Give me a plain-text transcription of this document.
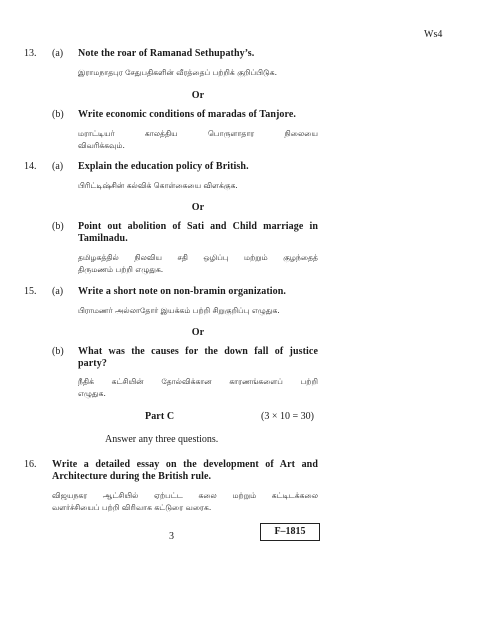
Ws4
13. (a) Note the roar of Ramanad Sethupathy’s.
இராமநாதபுர சேதுபதிகளின் வீரத்தைப் பற்றிக் குறிப்பிடுக.
Or
(b) Write economic conditions of maradas of Tanjore.
மராட்டியர்	காலத்திய	பொருளாதார	நிலையை
விவரிக்கவும்.
14. (a) Explain the education policy of British.
பிரிட்டிஷ்சின் கல்விக் கொள்கையை விளக்குக.
Or
(b) Point out abolition of Sati and Child marriage in
Tamilnadu.
தமிழகத்தில் நிலவிய சதி ஒழிப்பு மற்றும் குழந்தைத்
திருமணம் பற்றி எழுதுக.
15. (a) Write a short note on non-bramin organization.
பிராமணர் அல்லாதோர் இயக்கம் பற்றி சிறுகுறிப்பு எழுதுக.
Or
(b) What was the causes for the down fall of justice
party?
நீதிக் கட்சியின் தோல்விக்கான காரணங்களைப் பற்றி
எழுதுக.
Part C	(3 × 10 = 30)
Answer any three questions.
16. Write a detailed essay on the development of Art and
Architecture during the British rule.
விஜயநகர ஆட்சியில் ஏற்பட்ட கலை மற்றும் கட்டிடக்கலை
வளர்ச்சியைப் பற்றி விரிவாக கட்டுரை வரைக.
3	F–1815
